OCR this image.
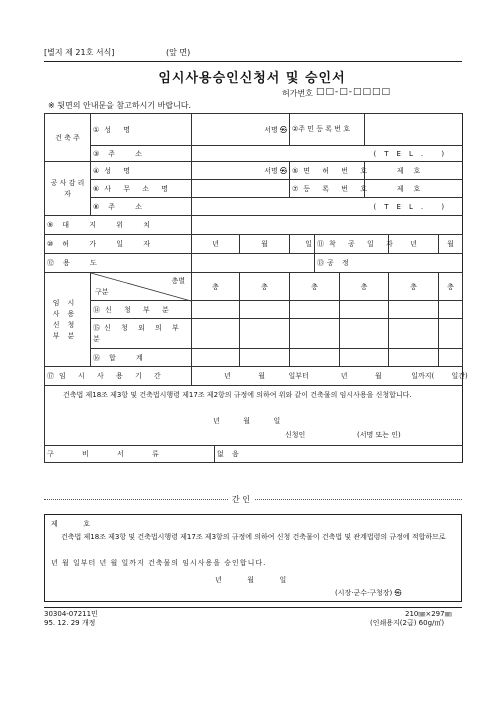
[별지 제 21호 서식]	(앞 면)
임시사용승인신청서 및 승인서
허가번호 □□-□-□□□□
※ 뒷면의 안내문을 참고하시기 바랍니다.
건 축 주	①성 명	서명 ㉿			②주 민 등 록 번 호						
	③주 소	(TEL. )									
공 사 감 리 자	④성 명	서명 ㉿			⑤면 허 번 호			제호			
	⑥사 무 소 명				⑦등 록 번 호			제호			
	⑧주 소	(TEL. )									
⑨대 지 위 치											
⑩허 가 일 자		년		월	일	⑪착 공 일 자			년	월	
⑫용 도						⑬공 정					
임시사용신청부분	층별
구분	층		층	층		층		층	층	
	⑭신 청 부 분										
	⑮신 청 외 의 부 분										
	⑯합 계										
⑰임 시 사 용 기 간		년 월 일부터 년 월 일까지( 일간)									

건축법 제18조 제3항 및 건축법시행령 제17조 제2항의 규정에 의하여 위와 같이 건축물의 임시사용을 신청합니다.
년 월 일
신청인 (서명 또는 인)											

구 비 서 류			없 음								
간 인
제	호
건축법 제18조 제3항 및 건축법시행령 제17조 제3항의 규정에 의하여 신청 건축물이 건축법 및 관계법령의 규정에 적합하므로
년 월 일부터 년 월 일까지 건축물의 임시사용을 승인합니다.
년	월	일
(시장·군수·구청장) ㉿
30304-07211민
95. 12. 29 개정
210㎜×297㎜
(인쇄용지(2급) 60g/㎡)
